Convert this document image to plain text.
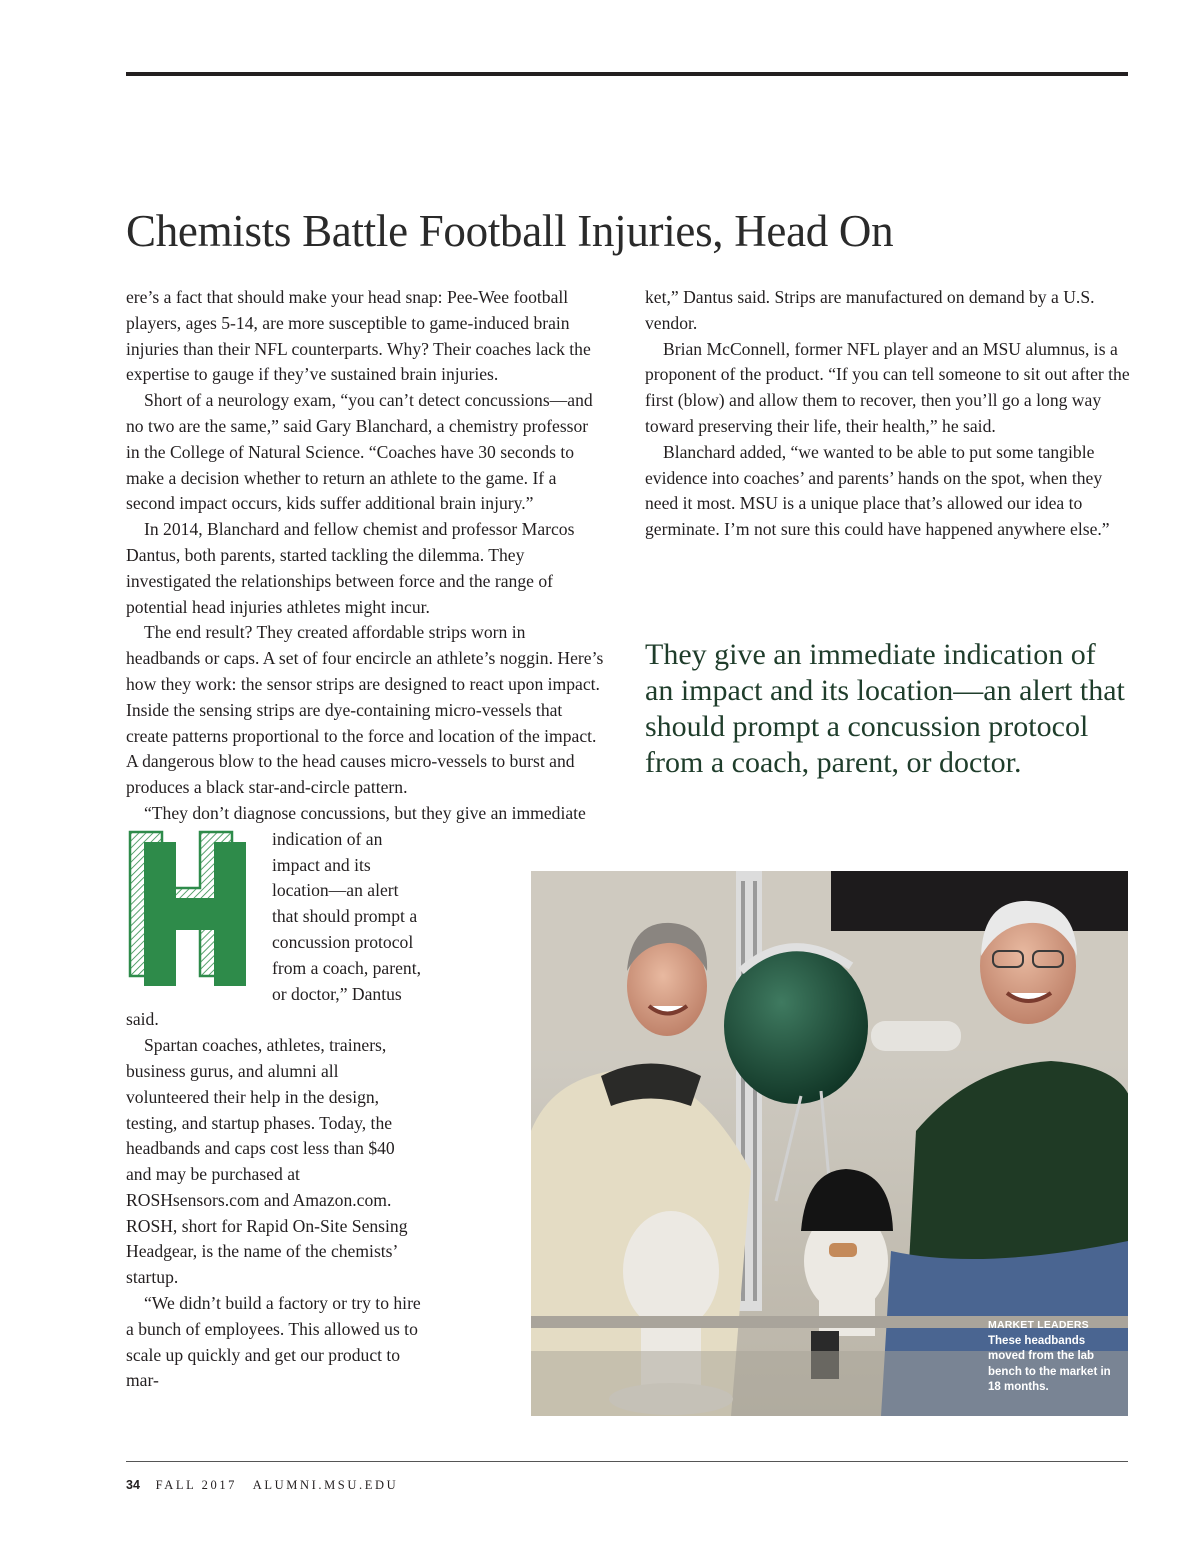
Chemists Battle Football Injuries, Head On
H

ere’s a fact that should make your head snap: Pee-Wee football players, ages 5-14, are more susceptible to game-induced brain injuries than their NFL counterparts. Why? Their coaches lack the expertise to gauge if they’ve sustained brain injuries.

Short of a neurology exam, “you can’t detect concussions—and no two are the same,” said Gary Blanchard, a chemistry professor in the College of Natural Science. “Coaches have 30 seconds to make a decision whether to return an athlete to the game. If a second impact occurs, kids suffer additional brain injury.”

In 2014, Blanchard and fellow chemist and professor Marcos Dantus, both parents, started tackling the dilemma. They investigated the relationships between force and the range of potential head injuries athletes might incur.

The end result? They created affordable strips worn in headbands or caps. A set of four encircle an athlete’s noggin. Here’s how they work: the sensor strips are designed to react upon impact. Inside the sensing strips are dye-containing micro-vessels that create patterns proportional to the force and location of the impact. A dangerous blow to the head causes micro-vessels to burst and produces a black star-and-circle pattern.

“They don’t diagnose concussions, but they give an immediate indication of an impact and its location—an alert that should prompt a concussion protocol from a coach, parent, or doctor,” Dantus said.

Spartan coaches, athletes, trainers, business gurus, and alumni all volunteered their help in the design, testing, and startup phases. Today, the headbands and caps cost less than $40 and may be purchased at ROSHsensors.com and Amazon.com. ROSH, short for Rapid On-Site Sensing Headgear, is the name of the chemists’ startup.

“We didn’t build a factory or try to hire a bunch of employees. This allowed us to scale up quickly and get our product to mar-

ket,” Dantus said. Strips are manufactured on demand by a U.S. vendor.

Brian McConnell, former NFL player and an MSU alumnus, is a proponent of the product. “If you can tell someone to sit out after the first (blow) and allow them to recover, then you’ll go a long way toward preserving their life, their health,” he said.

Blanchard added, “we wanted to be able to put some tangible evidence into coaches’ and parents’ hands on the spot, when they need it most. MSU is a unique place that’s allowed our idea to germinate. I’m not sure this could have happened anywhere else.”

They give an immediate indication of an impact and its location—an alert that should prompt a concussion protocol from a coach, parent, or doctor.

MARKET LEADERS
These headbands moved from the lab bench to the market in 18 months.
34 FALL 2017 ALUMNI.MSU.EDU
